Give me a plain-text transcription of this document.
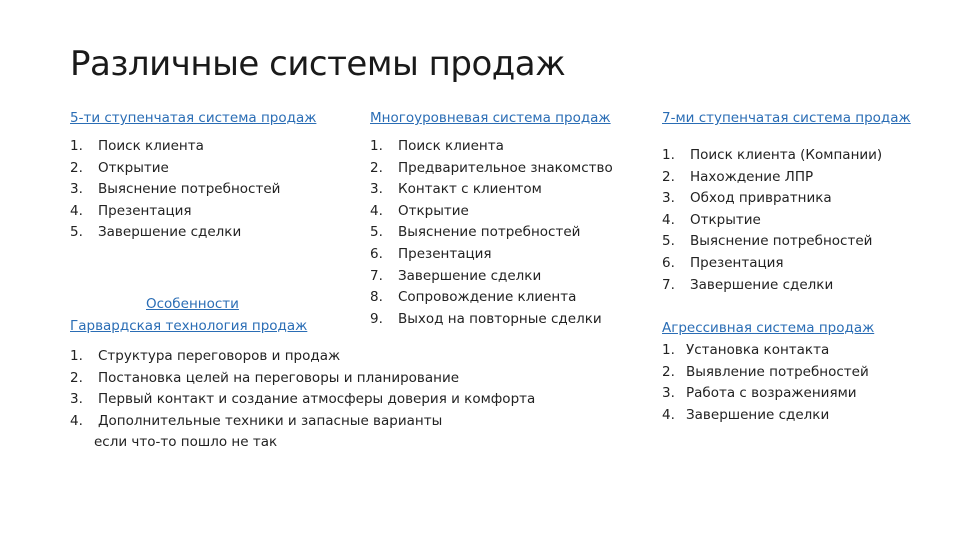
Различные системы продаж

5-ти ступенчатая система продаж

1. Поиск клиента
2. Открытие
3. Выяснение потребностей
4. Презентация
5. Завершение сделки

Многоуровневая система продаж

1. Поиск клиента
2. Предварительное знакомство
3. Контакт с клиентом
4. Открытие
5. Выяснение потребностей
6. Презентация
7. Завершение сделки
8. Сопровождение клиента
9. Выход на повторные сделки

7-ми ступенчатая система продаж

1. Поиск клиента (Компании)
2. Нахождение ЛПР
3. Обход привратника
4. Открытие
5. Выяснение потребностей
6. Презентация
7. Завершение сделки

Особенности

Гарвардская технология продаж

1. Структура переговоров и продаж
2. Постановка целей на переговоры и планирование
3. Первый контакт и создание атмосферы доверия и комфорта
4. Дополнительные техники и запасные варианты
если что-то пошло не так

Агрессивная система продаж

1. Установка контакта
2. Выявление потребностей
3. Работа с возражениями
4. Завершение сделки
